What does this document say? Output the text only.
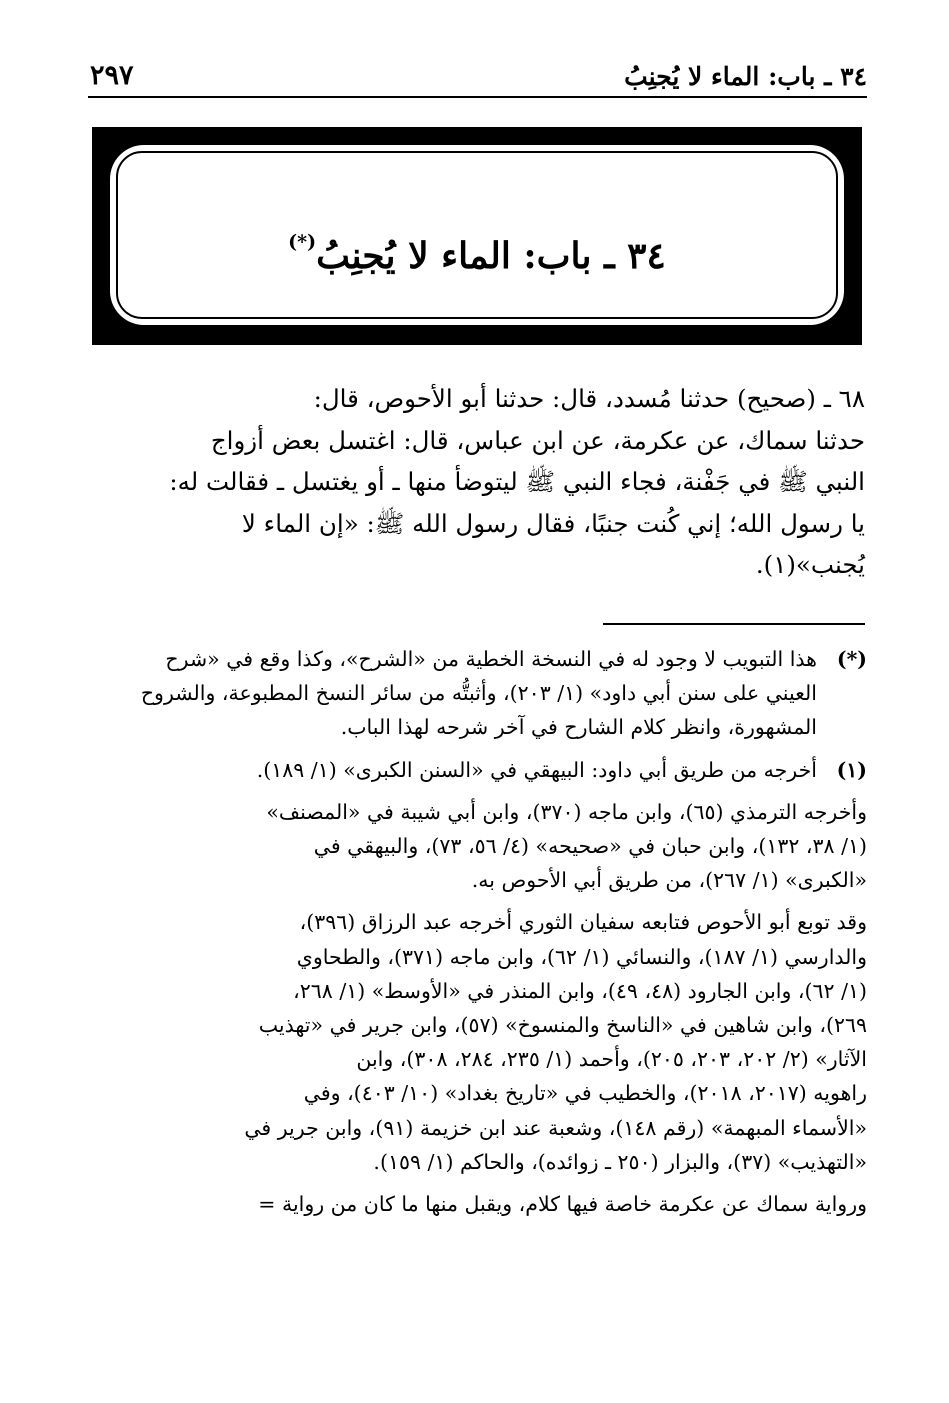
٣٤ ـ باب: الماء لا يُجنِبُ
٢٩٧
٣٤ ـ باب: الماء لا يُجنِبُ(*)
٦٨ ـ (صحيح) حدثنا مُسدد، قال: حدثنا أبو الأحوص، قال:
حدثنا سماك، عن عكرمة، عن ابن عباس، قال: اغتسل بعض أزواج
النبي ﷺ في جَفْنة، فجاء النبي ﷺ ليتوضأ منها ـ أو يغتسل ـ فقالت له:
يا رسول الله؛ إني كُنت جنبًا، فقال رسول الله ﷺ: «إن الماء لا
يُجنب»(١).
(*)
هذا التبويب لا وجود له في النسخة الخطية من «الشرح»، وكذا وقع في «شرح
العيني على سنن أبي داود» (١/ ٢٠٣)، وأثبتُّه من سائر النسخ المطبوعة، والشروح
المشهورة، وانظر كلام الشارح في آخر شرحه لهذا الباب.
(١)
أخرجه من طريق أبي داود: البيهقي في «السنن الكبرى» (١/ ١٨٩).
وأخرجه الترمذي (٦٥)، وابن ماجه (٣٧٠)، وابن أبي شيبة في «المصنف»
(١/ ٣٨، ١٣٢)، وابن حبان في «صحيحه» (٤/ ٥٦، ٧٣)، والبيهقي في
«الكبرى» (١/ ٢٦٧)، من طريق أبي الأحوص به.
وقد توبع أبو الأحوص فتابعه سفيان الثوري أخرجه عبد الرزاق (٣٩٦)،
والدارسي (١/ ١٨٧)، والنسائي (١/ ٦٢)، وابن ماجه (٣٧١)، والطحاوي
(١/ ٦٢)، وابن الجارود (٤٨، ٤٩)، وابن المنذر في «الأوسط» (١/ ٢٦٨،
٢٦٩)، وابن شاهين في «الناسخ والمنسوخ» (٥٧)، وابن جرير في «تهذيب
الآثار» (٢/ ٢٠٢، ٢٠٣، ٢٠٥)، وأحمد (١/ ٢٣٥، ٢٨٤، ٣٠٨)، وابن
راهويه (٢٠١٧، ٢٠١٨)، والخطيب في «تاريخ بغداد» (١٠/ ٤٠٣)، وفي
«الأسماء المبهمة» (رقم ١٤٨)، وشعبة عند ابن خزيمة (٩١)، وابن جرير في
«التهذيب» (٣٧)، والبزار (٢٥٠ ـ زوائده)، والحاكم (١/ ١٥٩).
ورواية سماك عن عكرمة خاصة فيها كلام، ويقبل منها ما كان من رواية =
